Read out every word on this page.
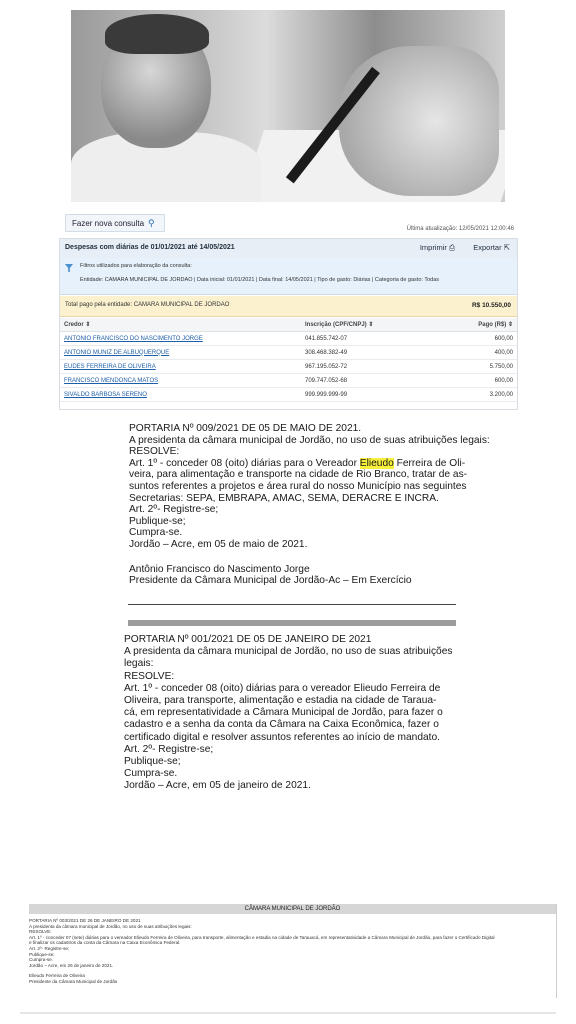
Fazer nova consulta ⚲
Última atualização: 12/05/2021 12:00:46
Despesas com diárias de 01/01/2021 até 14/05/2021	Imprimir ⎙ Exportar ⇱
Filtros utilizados para elaboração da consulta:
Entidade: CAMARA MUNICIPAL DE JORDAO | Data inicial: 01/01/2021 | Data final: 14/05/2021 | Tipo de gasto: Diárias | Categoria de gasto: Todas
Total pago pela entidade: CAMARA MUNICIPAL DE JORDAO	R$ 10.550,00
Credor ⇕	Inscrição (CPF/CNPJ) ⇕	Pago (R$) ⇕
ANTONIO FRANCISCO DO NASCIMENTO JORGE	041.855.742-07	600,00
ANTONIO MUNIZ DE ALBUQUERQUE	308.468.382-49	400,00
EUDES FERREIRA DE OLIVEIRA	967.195.052-72	5.750,00
FRANCISCO MENDONCA MATOS	709.747.052-68	600,00
SIVALDO BARBOSA SERENO	999.999.999-99	3.200,00
PORTARIA Nº 009/2021 DE 05 DE MAIO DE 2021.
A presidenta da câmara municipal de Jordão, no uso de suas atribuições legais:
RESOLVE:
Art. 1º - conceder 08 (oito) diárias para o Vereador Elieudo Ferreira de Oli-
veira, para alimentação e transporte na cidade de Rio Branco, tratar de as-
suntos referentes a projetos e área rural do nosso Município nas seguintes
Secretarias: SEPA, EMBRAPA, AMAC, SEMA, DERACRE E INCRA.
Art. 2º- Registre-se;
Publique-se;
Cumpra-se.
Jordão – Acre, em 05 de maio de 2021.
Antônio Francisco do Nascimento Jorge
Presidente da Câmara Municipal de Jordão-Ac – Em Exercício
PORTARIA Nº 001/2021 DE 05 DE JANEIRO DE 2021
A presidenta da câmara municipal de Jordão, no uso de suas atribuições
legais:
RESOLVE:
Art. 1º - conceder 08 (oito) diárias para o vereador Elieudo Ferreira de
Oliveira, para transporte, alimentação e estadia na cidade de Tarauа-
cá, em representatividade a Câmara Municipal de Jordão, para fazer o
cadastro e a senha da conta da Câmara na Caixa Econômica, fazer o
certificado digital e resolver assuntos referentes ao início de mandato.
Art. 2º- Registre-se;
Publique-se;
Cumpra-se.
Jordão – Acre, em 05 de janeiro de 2021.
CÂMARA MUNICIPAL DE JORDÃO
PORTARIA Nº 003/2021 DE 26 DE JANEIRO DE 2021
A presidenta da câmara municipal de Jordão, no uso de suas atribuições legais:
RESOLVE:
Art. 1º - conceder 07 (sete) diárias para o vereador Elieudo Ferreira de Oliveira, para transporte, alimentação e estadia na cidade de Tarauacá, em representatividade a Câmara Municipal de Jordão, para fazer o Certificado Digital
e finalizar os cadastros da conta da Câmara na Caixa Econômica Federal.
Art. 2º- Registre-se;
Publique-se;
Cumpra-se.
Jordão – Acre, em 26 de janeiro de 2021.
Elieudo Ferreira de Oliveira
Presidente da Câmara Municipal de Jordão
